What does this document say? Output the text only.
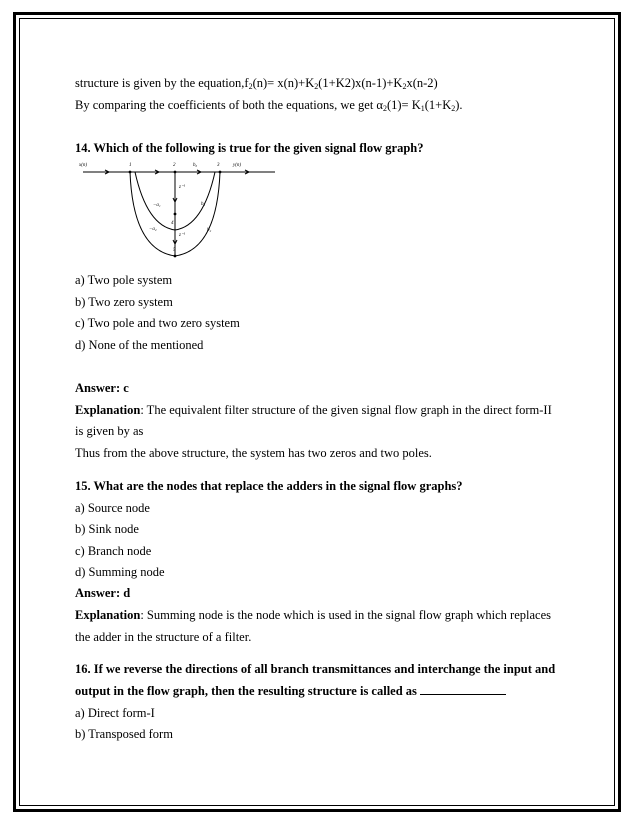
structure is given by the $equation,f_2(n)= x(n)+K_2(1+K2)x(n-1)+K_2x(n-2)$
By comparing the coefficients of both the equations, we get $\alpha_2(1)= K_1(1+K_2)$.
14. Which of the following is true for the given signal flow graph?
x(n)	1	2	b₀	3	y(n)
z⁻¹
−a₁	b₁
4
−a₂
z⁻¹
b₂
5
a) Two pole system
b) Two zero system
c) Two pole and two zero system
d) None of the mentioned
Answer: c
Explanation: The equivalent filter structure of the given signal flow graph in the direct form-II
is given by as
Thus from the above structure, the system has two zeros and two poles.
15. What are the nodes that replace the adders in the signal flow graphs?
a) Source node
b) Sink node
c) Branch node
d) Summing node
Answer: d
Explanation: Summing node is the node which is used in the signal flow graph which replaces
the adder in the structure of a filter.
16. If we reverse the directions of all branch transmittances and interchange the input and
output in the flow graph, then the resulting structure is called as
a) Direct form-I
b) Transposed form
